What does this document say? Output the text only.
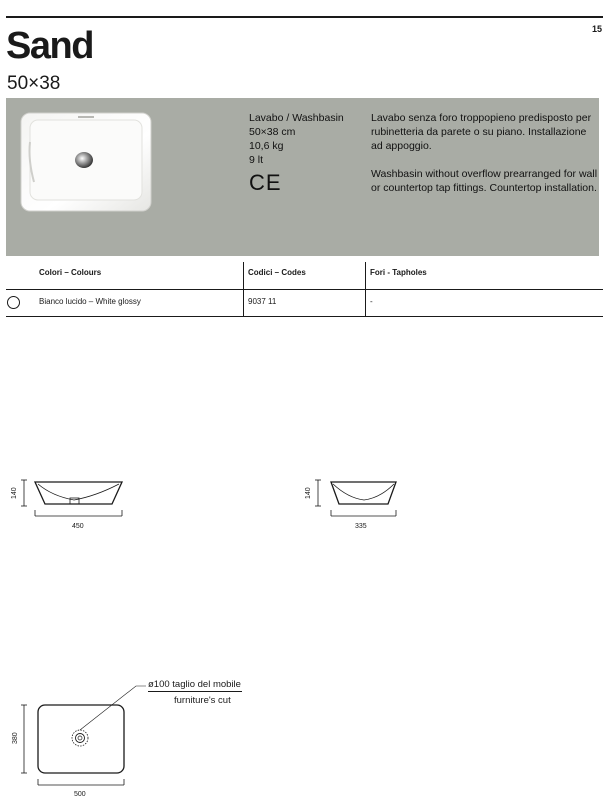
15
Sand
50×38
Lavabo / Washbasin
50×38 cm
10,6 kg
9 lt
CE

Lavabo senza foro troppopieno predisposto per rubinetteria da parete o su piano. Installazione ad appoggio.

Washbasin without overflow prearranged for wall or countertop tap fittings. Countertop installation.

Colori – Colours	Codici – Codes	Fori - Tapholes
Bianco lucido – White glossy	9037 11	-
140
450
140
335
380
500
ø100 taglio del mobile
furniture's cut
